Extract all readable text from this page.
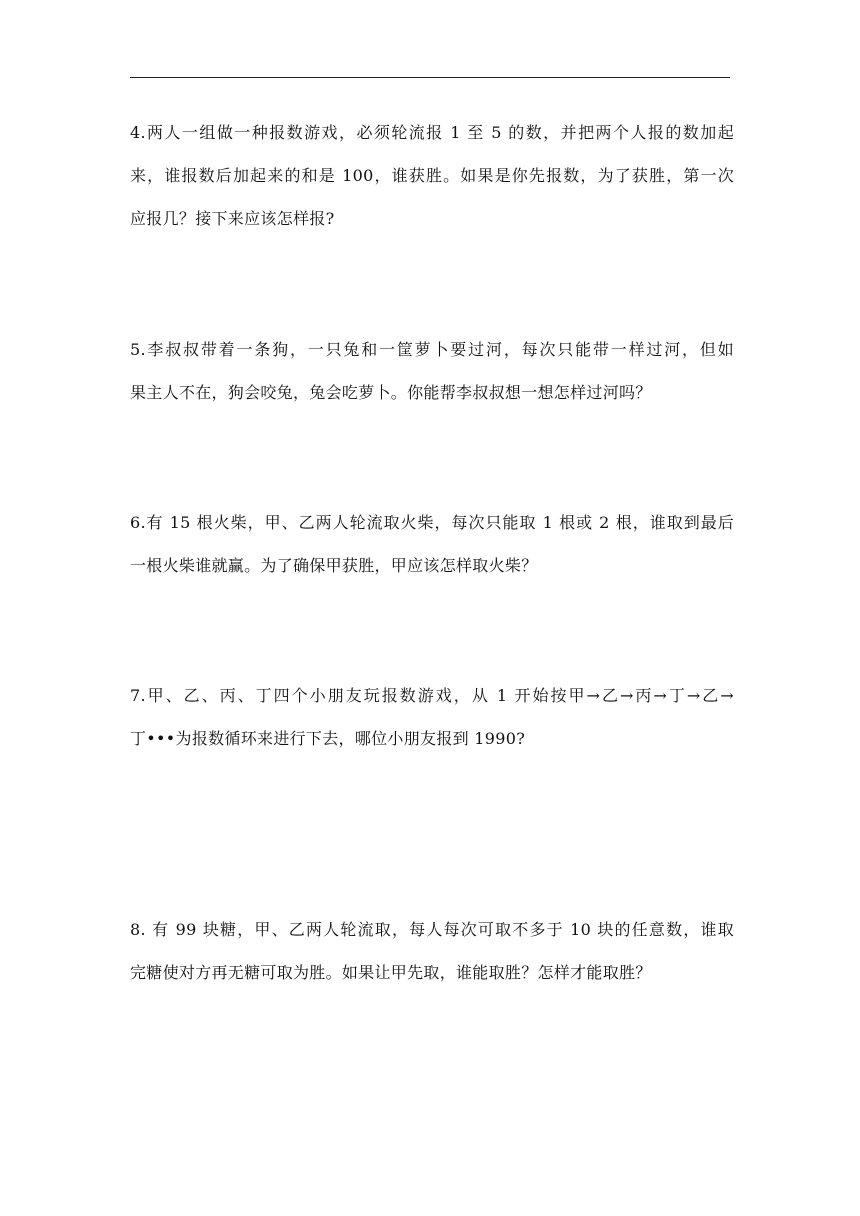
4.两人一组做一种报数游戏，必须轮流报 1 至 5 的数，并把两个人报的数加起
来，谁报数后加起来的和是 100，谁获胜。如果是你先报数，为了获胜，第一次
应报几？接下来应该怎样报?
5.李叔叔带着一条狗，一只兔和一筐萝卜要过河，每次只能带一样过河，但如
果主人不在，狗会咬兔，兔会吃萝卜。你能帮李叔叔想一想怎样过河吗？
6.有 15 根火柴，甲、乙两人轮流取火柴，每次只能取 1 根或 2 根，谁取到最后
一根火柴谁就赢。为了确保甲获胜，甲应该怎样取火柴？
7.甲、乙、丙、丁四个小朋友玩报数游戏，从 1 开始按甲→乙→丙→丁→乙→
丁•••为报数循环来进行下去，哪位小朋友报到 1990?
8. 有 99 块糖，甲、乙两人轮流取，每人每次可取不多于 10 块的任意数，谁取
完糖使对方再无糖可取为胜。如果让甲先取，谁能取胜？怎样才能取胜？
